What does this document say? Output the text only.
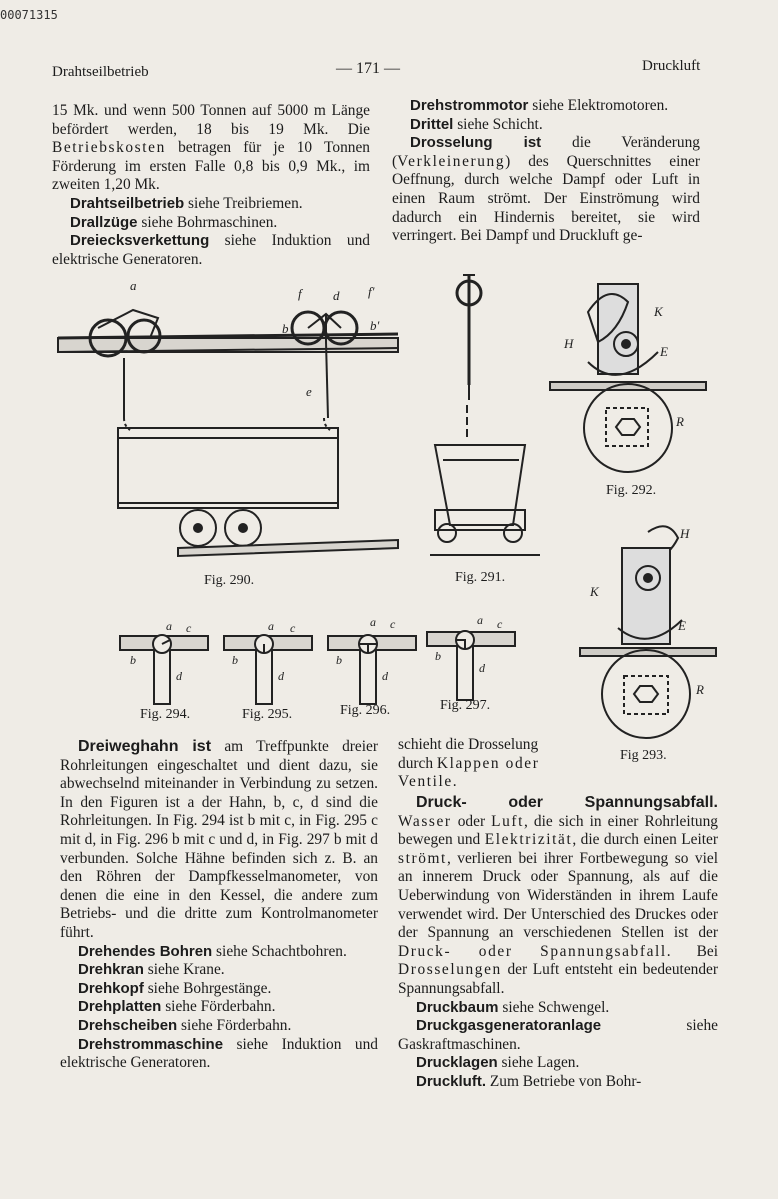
00071315
Drahtseilbetrieb	— 171 —	Druckluft

15 Mk. und wenn 500 Tonnen auf 5000 m Länge befördert werden, 18 bis 19 Mk. Die Betriebskosten betragen für je 10 Tonnen Förderung im ersten Falle 0,8 bis 0,9 Mk., im zweiten 1,20 Mk.

Drahtseilbetrieb siehe Treibriemen.

Drallzüge siehe Bohrmaschinen.

Dreiecksverkettung siehe Induktion und elektrische Generatoren.

Drehstrommotor siehe Elektromotoren.

Drittel siehe Schicht.

Drosselung ist die Veränderung (Verkleinerung) des Querschnittes einer Oeffnung, durch welche Dampf oder Luft in einen Raum strömt. Der Einströmung wird dadurch ein Hindernis bereitet, sie wird verringert. Bei Dampf und Druckluft ge-

a
f d f′
b	b′
e
Fig. 290.	Fig. 291.
K
H
E
R
Fig. 292.
H
K
E
R
Fig 293.
a c
b
d
Fig. 294.
a c
b
d
Fig. 295.
a c
b
d
Fig. 296.
a c
b
d
Fig. 297.

Dreiweghahn ist am Treffpunkte dreier Rohrleitungen eingeschaltet und dient dazu, sie abwechselnd miteinander in Verbindung zu setzen. In den Figuren ist a der Hahn, b, c, d sind die Rohrleitungen. In Fig. 294 ist b mit c, in Fig. 295 c mit d, in Fig. 296 b mit c und d, in Fig. 297 b mit d verbunden. Solche Hähne befinden sich z. B. an den Röhren der Dampfkesselmanometer, von denen die eine in den Kessel, die andere zum Betriebs- und die dritte zum Kontrolmanometer führt.

Drehendes Bohren siehe Schachtbohren.

Drehkran siehe Krane.

Drehkopf siehe Bohrgestänge.

Drehplatten siehe Förderbahn.

Drehscheiben siehe Förderbahn.

Drehstrommaschine siehe Induktion und elektrische Generatoren.

schieht die Drosselung durch Klappen oder Ventile.

Druck- oder Spannungsabfall. Wasser oder Luft, die sich in einer Rohrleitung bewegen und Elektrizität, die durch einen Leiter strömt, verlieren bei ihrer Fortbewegung so viel an innerem Druck oder Spannung, als auf die Ueberwindung von Widerständen in ihrem Laufe verwendet wird. Der Unterschied des Druckes oder der Spannung an verschiedenen Stellen ist der Druck- oder Spannungsabfall. Bei Drosselungen der Luft entsteht ein bedeutender Spannungsabfall.

Druckbaum siehe Schwengel.

Druckgasgeneratoranlage siehe Gaskraftmaschinen.

Drucklagen siehe Lagen.

Druckluft. Zum Betriebe von Bohr-
